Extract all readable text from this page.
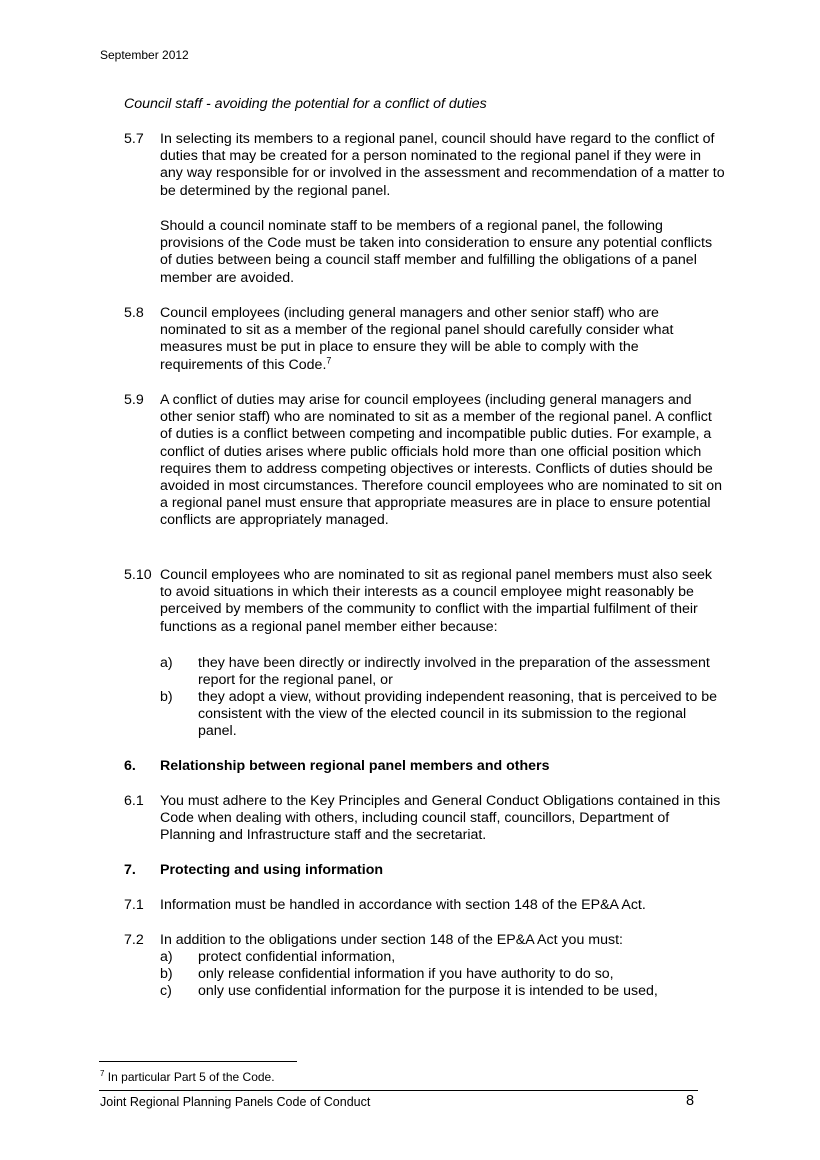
September 2012
Council staff - avoiding the potential for a conflict of duties
5.7 In selecting its members to a regional panel, council should have regard to the conflict of duties that may be created for a person nominated to the regional panel if they were in any way responsible for or involved in the assessment and recommendation of a matter to be determined by the regional panel.
Should a council nominate staff to be members of a regional panel, the following provisions of the Code must be taken into consideration to ensure any potential conflicts of duties between being a council staff member and fulfilling the obligations of a panel member are avoided.
5.8 Council employees (including general managers and other senior staff) who are nominated to sit as a member of the regional panel should carefully consider what measures must be put in place to ensure they will be able to comply with the requirements of this Code.$^7$
5.9 A conflict of duties may arise for council employees (including general managers and other senior staff) who are nominated to sit as a member of the regional panel. A conflict of duties is a conflict between competing and incompatible public duties. For example, a conflict of duties arises where public officials hold more than one official position which requires them to address competing objectives or interests. Conflicts of duties should be avoided in most circumstances. Therefore council employees who are nominated to sit on a regional panel must ensure that appropriate measures are in place to ensure potential conflicts are appropriately managed.
5.10 Council employees who are nominated to sit as regional panel members must also seek to avoid situations in which their interests as a council employee might reasonably be perceived by members of the community to conflict with the impartial fulfilment of their functions as a regional panel member either because:
a) they have been directly or indirectly involved in the preparation of the assessment report for the regional panel, or
b) they adopt a view, without providing independent reasoning, that is perceived to be consistent with the view of the elected council in its submission to the regional panel.
6. Relationship between regional panel members and others
6.1 You must adhere to the Key Principles and General Conduct Obligations contained in this Code when dealing with others, including council staff, councillors, Department of Planning and Infrastructure staff and the secretariat.
7. Protecting and using information
7.1 Information must be handled in accordance with section 148 of the EP&A Act.
7.2 In addition to the obligations under section 148 of the EP&A Act you must:
a) protect confidential information,
b) only release confidential information if you have authority to do so,
c) only use confidential information for the purpose it is intended to be used,
$^7$ In particular Part 5 of the Code.
Joint Regional Planning Panels Code of Conduct	8
